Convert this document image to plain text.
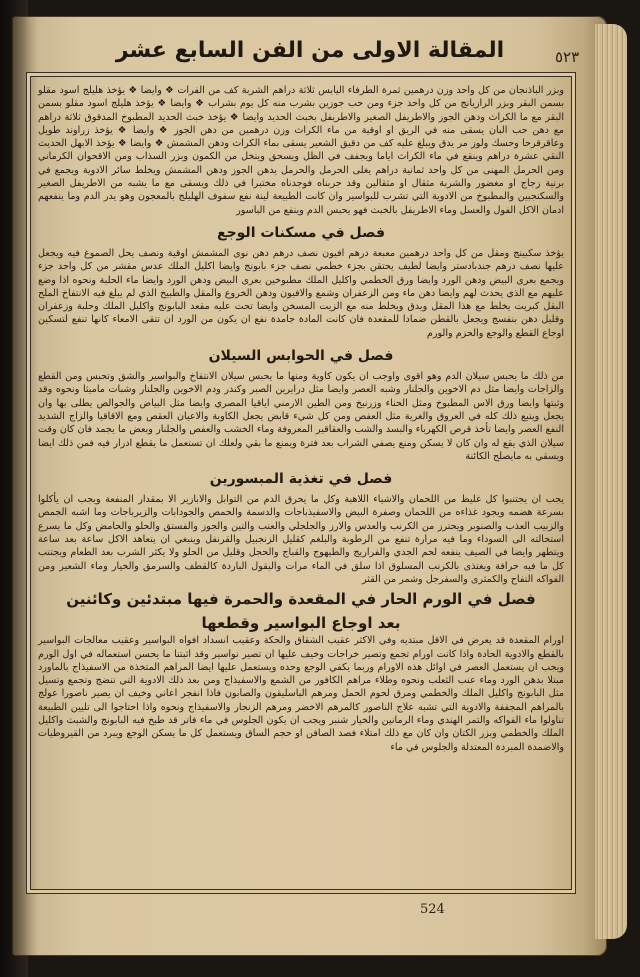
المقالة الاولى من الفن السابع عشر	٥٢٣

وبزر الباذنجان من كل واحد وزن درهمين ثمرة الطرفاء اليابس ثلاثة دراهم الشربة كف من الفرات ❖ وايضا ❖ يؤخذ هليلج اسود مقلو بسمن البقر وبزر الرازيانج من كل واحد جزء ومن حب جوزين بشرب منه كل يوم بشراب ❖ وايضا ❖ يؤخذ هليلج اسود مقلو بسمن البقر مع ما الكراث ودهن الجوز والاطريفل الصغير والاطريفل بخبث الحديد وايضا ❖ يؤخذ خبث الحديد المطبوخ المدقوق ثلاثة دراهم مع دهن حب البان يسقى منه في الريق او اوقية من ماء الكراث وزن درهمين من دهن الجوز ❖ وايضا ❖ يؤخذ زراوند طويل وعاقرقرحا وحسك ولوز مر يدق ويبلغ عليه كف من دقيق الشعير يسقى بماء الكراث ودهن المشمش ❖ وايضا ❖ يؤخذ الابهل الحديث النقي عشرة دراهم وينقع في ماء الكراث اياما ويجفف في الظل ويسحق وينخل من الكمون وبزر السذاب ومن الاقحوان الكرماني ومن الحرمل المهنى من كل واحد ثمانية دراهم يغلى الحرمل والحرمل يدهن الجوز ودهن المشمش ويخلط سائر الادوية ويجمع في برنية زجاج او مغضور والشربة مثقال او مثقالين وقد جربناه فوجدناه مختبرا في ذلك ويسقى مع ما يشبه من الاطريفل الصغير والسكنجبين والمطبوخ من الادوية التي تشرب للبواسير وان كانت الطبيعة لينة نفع سفوف الهليلج بالمعجون وهو يدر الدم وما ينفعهم ادمان الاكل الفول والعسل وماء الاطريفل بالخبث فهو يحبس الدم وينفع من الباسور

فصل في مسكنات الوجع

يؤخذ سكبينج ومقل من كل واحد درهمين معبعة درهم افيون نصف درهم دهن نوى المشمش اوقية ونصف يحل الصموغ فيه ويجعل عليها نصف درهم جندبادستر وايضا لطيف يحتقن بجزء خطمي نصف جزء بابونج وايضا اكليل الملك عدس مقشر من كل واحد جزء ويجمع بعرى البيض ودهن الورد وايضا ورق الخطمي واكليل الملك مطبوخين بعرى البيض ودهن الورد وايضا ماء الحلبة ونحوه اذا وضع عليهم مع الذي يحدث لهم وايضا دهن ماء ومن الزعفران وشمع والافيون ودهن الخروع والمقل والطبيخ الذي لم يبلغ فيه الانتفاخ الملح البقل كبريت يخلط مع هذا المقل ويدق ويخلط منه مع الزيت المسخن وايضا تحت عليه مقعد البابونج واكليل الملك وحلبة وزعفران وقليل دهن بنفسج ويجعل بالقطن ضمادا للمقعدة فان كانت المادة جامدة نفع ان يكون من الورد ان تتقى الامعاء كانها تنفع لتسكين اوجاع القطع والوجع والحزم والورم

فصل في الحوابس السيلان

من ذلك ما يحبس سيلان الدم وهو اقوى واوجب ان يكون كاوية ومنها ما يحبس سيلان الانتفاخ والبواسير والشق وتحبس ومن القطع والزاجات وايضا مثل دم الاخوين والجلنار وشبه العصر وايضا مثل درايرين الصبر وكندر ودم الاخوين والجلنار وشبات ماميثا ونحوه وقد وثبتها وايضا ورق الاس المطبوخ ومثل الحناء وزرنيخ ومن الطين الارمني اياقيا المصري وايضا مثل البياض والجوالص يطلى بها وان يجعل ويتبع ذلك كله في العروق والغرية مثل العفص ومن كل شيء قابض يجعل الكاوية والاعيان العقص ومع الاقاقيا والزاج الشديد النفع العصر وايضا تأخذ قرص الكهرباء والبسد والشب والعقاقير المعروفة وماء الخشب والعفص والجلنار وبعض ما يجمد فان كان وقت سيلان الذي يقع له وان كان لا يسكن ومنع يصفي الشراب بعد فترة ويمنع ما بقي ولعلك ان تستعمل ما يقطع ادرار فيه فمن ذلك ايضا ويسقي به مايصلح الكائنة

فصل في تغذية المبسورين

يجب ان يجتنبوا كل غليظ من اللحمان والاشياء اللاهبة وكل ما يحرق الدم من التوابل والابازير الا بمقدار المنفعة ويجب ان يأكلوا بسرعة هضمه ويجود غذاءه من اللحمان وصفرة البيض والاسفيذباجات والدسمة والحمص والجودابات والزيرباجات وما اشبه الجمص والزبيب العذب والصنوبر ويحترز من الكرنب والعدس والارز والجلجلي والعنب والتين والجوز والفستق والحلو والحامض وكل ما يسرع استحالته الى السوداء وما فيه مرارة تنفع من الرطوبة والبلغم كقليل الزنجبيل والقرنفل وينبغي ان يتعاهد الاكل ساعة بعد ساعة ويتطهر وايضا في الصيف ينفعه لحم الجدي والفراريج والطيهوج والقباج والحجل وقليل من الحلو ولا يكثر الشرب بعد الطعام ويجتنب كل ما فيه حرافة ويغتذى بالكرنب المسلوق اذا سلق في الماء مرات والبقول الباردة كالقطف والسرمق والخيار وماء الشعير ومن الفواكه التفاح والكمثرى والسفرجل وشمر من القثر

فصل في الورم الحار في المقعدة والحمرة فيها مبتدئين وكائنين
بعد اوجاع البواسير وقطعها

اورام المقعدة قد يعرض في الاقل مبتديه وفي الاكثر عقيب الشقاق والحكة وعقيب انسداد افواه البواسير وعقيب معالجات البواسير بالقطع والادوية الحادة واذا كانت اورام تجمع وتصير خراجات وخيف عليها ان تصير نواسير وقد اثبتنا ما يحسن استعماله في اول الورم ويجب ان يستعمل العصر في اوائل هذه الاورام وربما يكفي الوجع وحده ويستعمل عليها ايضا المراهم المتخذة من الاسفيذاج بالماورد مبتلا بدهن الورد وماء عنب الثعلب ونحوه وطلاء مراهم الكافور من الشمع والاسفيذاج ومن بعد ذلك الادوية التي تنضج وتجمع وتسيل مثل البابونج واكليل الملك والخطمي ومرق لحوم الحمل ومرهم الباسليقون والصابون فاذا انفجر اعاني وخيف ان يصير ناصورا عولج بالمراهم المجففة والادوية التي تشبه علاج الناصور كالمرهم الاخضر ومرهم الزنجار والاسفيذاج ونحوه واذا احتاجوا الى تليين الطبيعة تناولوا ماء الفواكه والتمر الهندي وماء الرمانين والخيار شنبر ويجب ان يكون الجلوس في ماء فاتر قد طبخ فيه البابونج والشبث واكليل الملك والخطمي وبزر الكتان وان كان مع ذلك امتلاء فصد الصافن او حجم الساق ويستعمل كل ما يسكن الوجع ويبرد من القيروطيات والاضمدة المبردة المعتدلة والجلوس في ماء

524
